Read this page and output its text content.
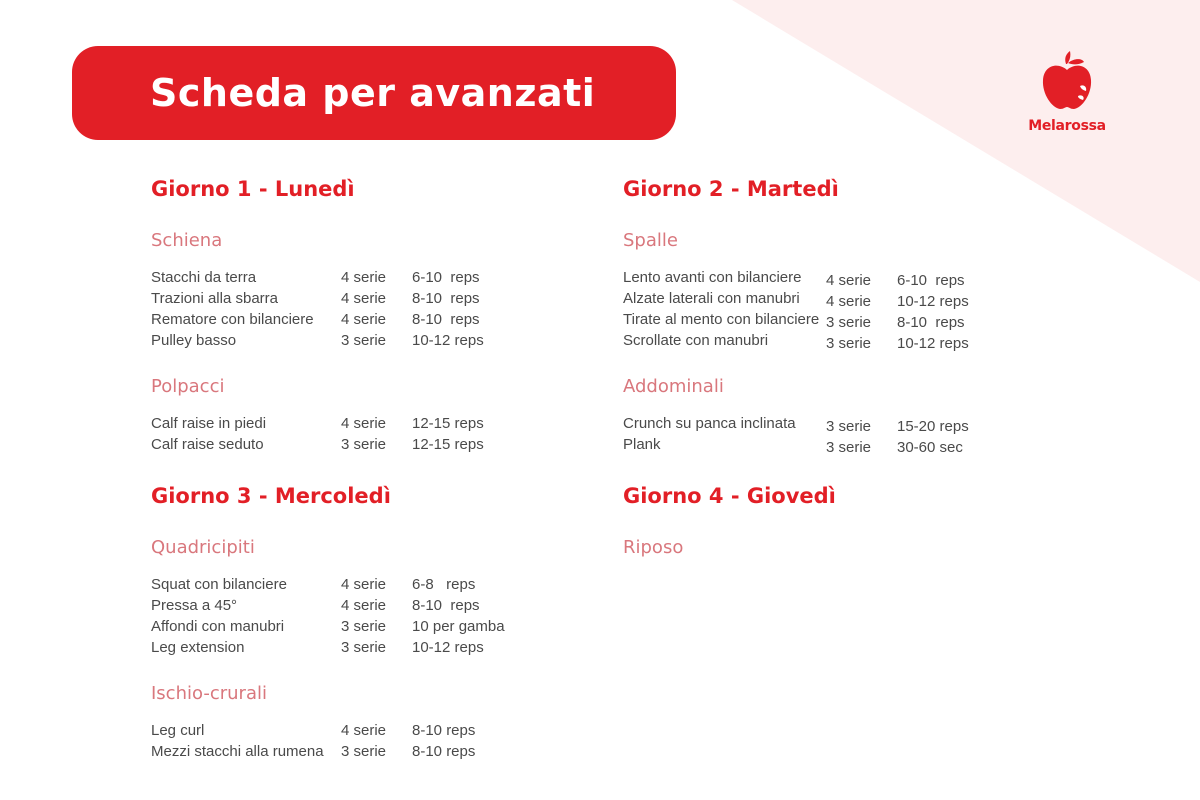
Scheda per avanzati
Melarossa
Giorno 1 - Lunedì
Schiena
Stacchi da terra	4 serie 6-10  reps
Trazioni alla sbarra	4 serie 8-10  reps
Rematore con bilanciere 4 serie 8-10  reps
Pulley basso	3 serie 10-12 reps
Polpacci
Calf raise in piedi	4 serie 12-15 reps
Calf raise seduto	3 serie 12-15 reps
Giorno 2 - Martedì
Spalle
Lento avanti con bilanciere 4 serie 6-10  reps
Alzate laterali con manubri 4 serie 10-12 reps
Tirate al mento con bilanciere 3 serie 8-10  reps
Scrollate con manubri	3 serie 10-12 reps
Addominali
Crunch su panca inclinata 3 serie 15-20 reps
Plank	3 serie 30-60 sec
Giorno 3 - Mercoledì
Quadricipiti
Squat con bilanciere	4 serie 6-8   reps
Pressa a 45°	4 serie 8-10  reps
Affondi con manubri	3 serie 10 per gamba
Leg extension	3 serie 10-12 reps
Ischio-crurali
Leg curl	4 serie 8-10 reps
Mezzi stacchi alla rumena 3 serie 8-10 reps
Giorno 4 - Giovedì
Riposo
